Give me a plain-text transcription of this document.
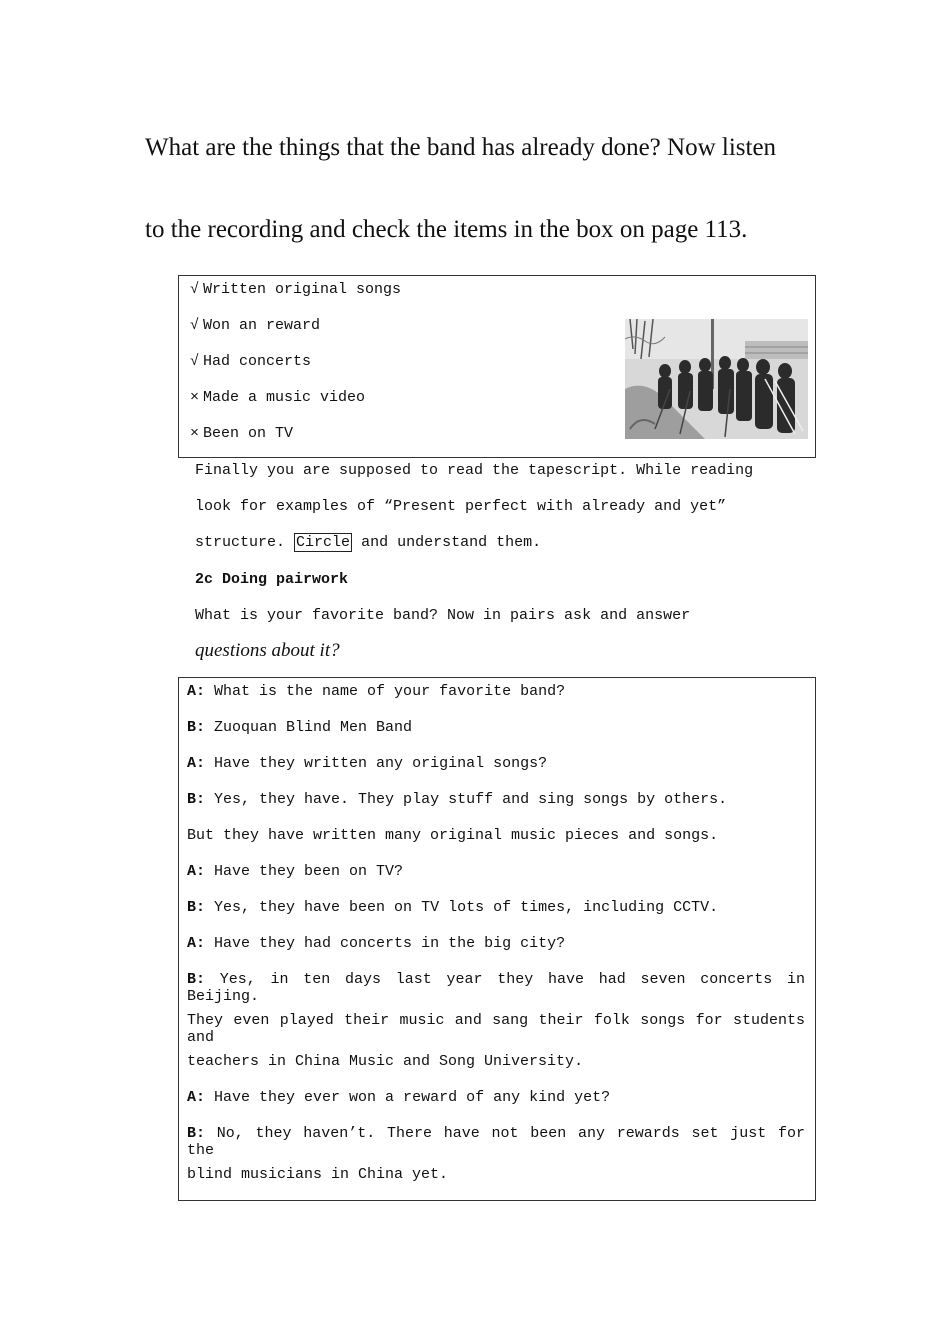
What are the things that the band has already done? Now listen
to the recording and check the items in the box on page 113.
√ Written original songs
√ Won an reward
√ Had concerts
× Made a music video
× Been on TV
Finally you are supposed to read the tapescript. While reading
look for examples of “Present perfect with already and yet”
structure. Circle and understand them.
2c Doing pairwork
What is your favorite band? Now in pairs ask and answer
questions about it?
A: What is the name of your favorite band?
B: Zuoquan Blind Men Band
A: Have they written any original songs?
B: Yes, they have. They play stuff and sing songs by others.
But they have written many original music pieces and songs.
A: Have they been on TV?
B: Yes, they have been on TV lots of times, including CCTV.
A: Have they had concerts in the big city?
B: Yes, in ten days last year they have had seven concerts in Beijing.
They even played their music and sang their folk songs for students and
teachers in China Music and Song University.
A: Have they ever won a reward of any kind yet?
B: No, they haven’t. There have not been any rewards set just for the
blind musicians in China yet.
